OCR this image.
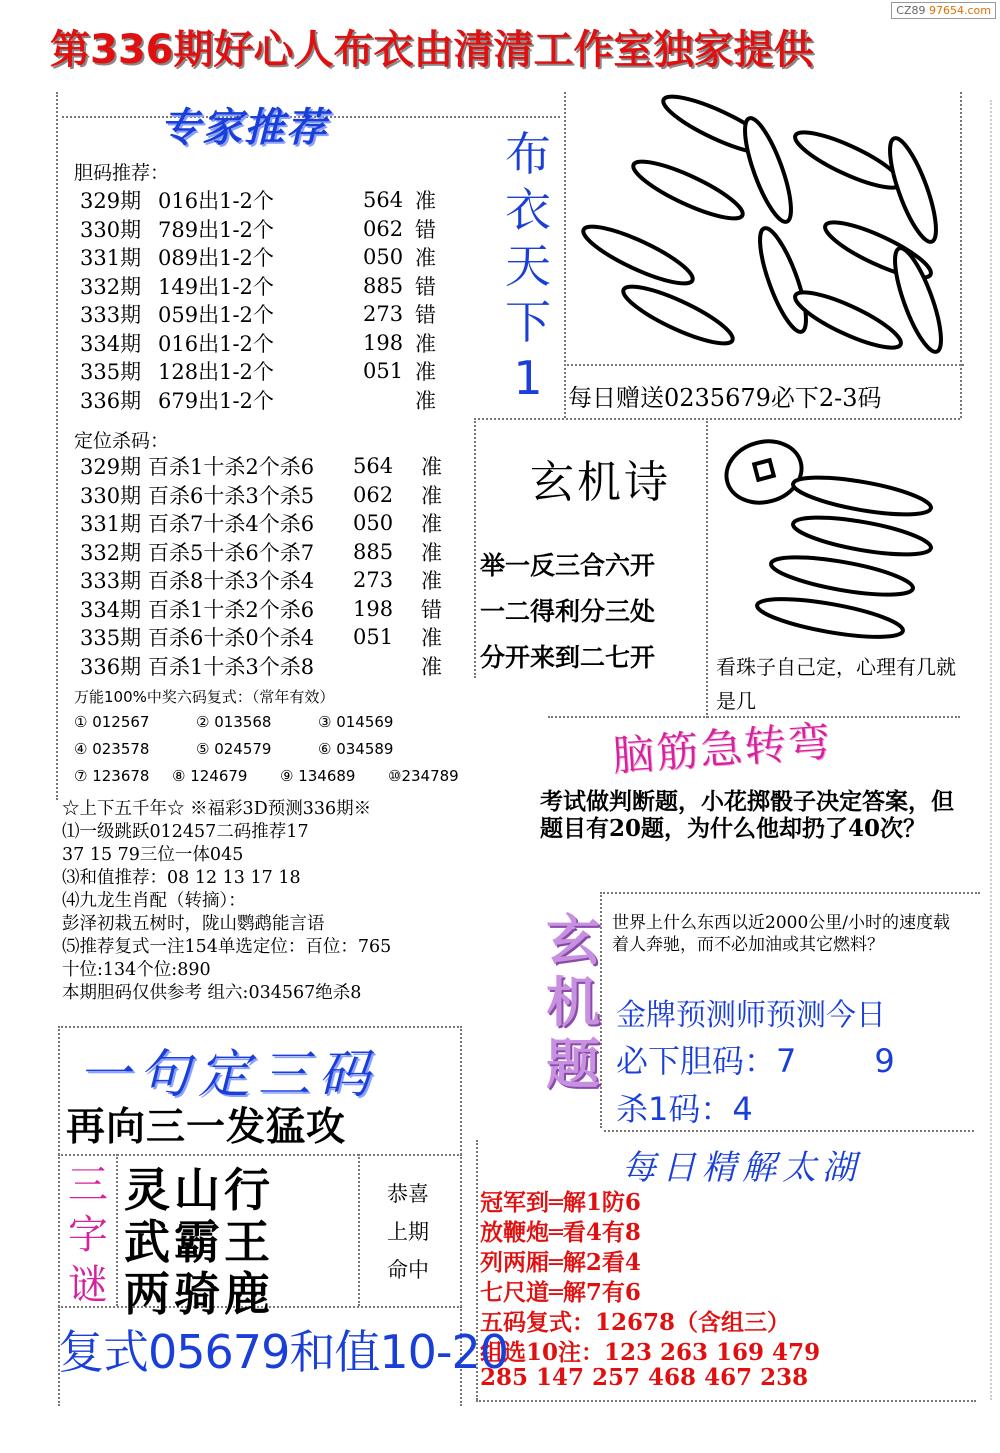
CZ89 97654.com
第336期好心人布衣由清清工作室独家提供
专家推荐
胆码推荐：
329期 016出1-2个	564 准
330期 789出1-2个	062 错
331期 089出1-2个	050 准
332期 149出1-2个	885 错
333期 059出1-2个	273 错
334期 016出1-2个	198 准
335期 128出1-2个	051 准
336期 679出1-2个	准
定位杀码：
329期 百杀1十杀2个杀6	564	准
330期 百杀6十杀3个杀5	062	准
331期 百杀7十杀4个杀6	050	准
332期 百杀5十杀6个杀7	885	准
333期 百杀8十杀3个杀4	273	准
334期 百杀1十杀2个杀6	198	错
335期 百杀6十杀0个杀4	051	准
336期 百杀1十杀3个杀8	准
万能100%中奖六码复式：（常年有效）
① 012567	② 013568	③ 014569
④ 023578	⑤ 024579	⑥ 034589
⑦ 123678	⑧ 124679	⑨ 134689	⑩234789
布
衣
天
下
1	每日赠送0235679必下2-3码
玄机诗
举一反三合六开
一二得利分三处
分开来到二七开	看珠子自己定，心理有几就是几
脑筋急转弯
考试做判断题，小花掷骰子决定答案，但题目有20题，为什么他却扔了40次？
☆上下五千年☆ ※福彩3D预测336期※
⑴一级跳跃012457二码推荐17
37 15 79三位一体045
⑶和值推荐：08 12 13 17 18
⑷九龙生肖配（转摘）：
彭泽初栽五树时，陇山鹦鹉能言语
⑸推荐复式一注154单选定位：百位：765
十位:134个位:890
本期胆码仅供参考 组六:034567绝杀8
玄
机
题
世界上什么东西以近2000公里/小时的速度载着人奔驰，而不必加油或其它燃料？
金牌预测师预测今日
必下胆码：7 9
杀1码：4
每日精解太湖
冠军到═解1防6
放鞭炮═看4有8
列两厢═解2看4
七尺道═解7有6
五码复式：12678（含组三）
组选10注：123 263 169 479
285 147 257 468 467 238
一句定三码
再向三一发猛攻
三
字
谜
灵山行
武霸王
两骑鹿
恭喜
上期
命中
复式05679和值10-20
